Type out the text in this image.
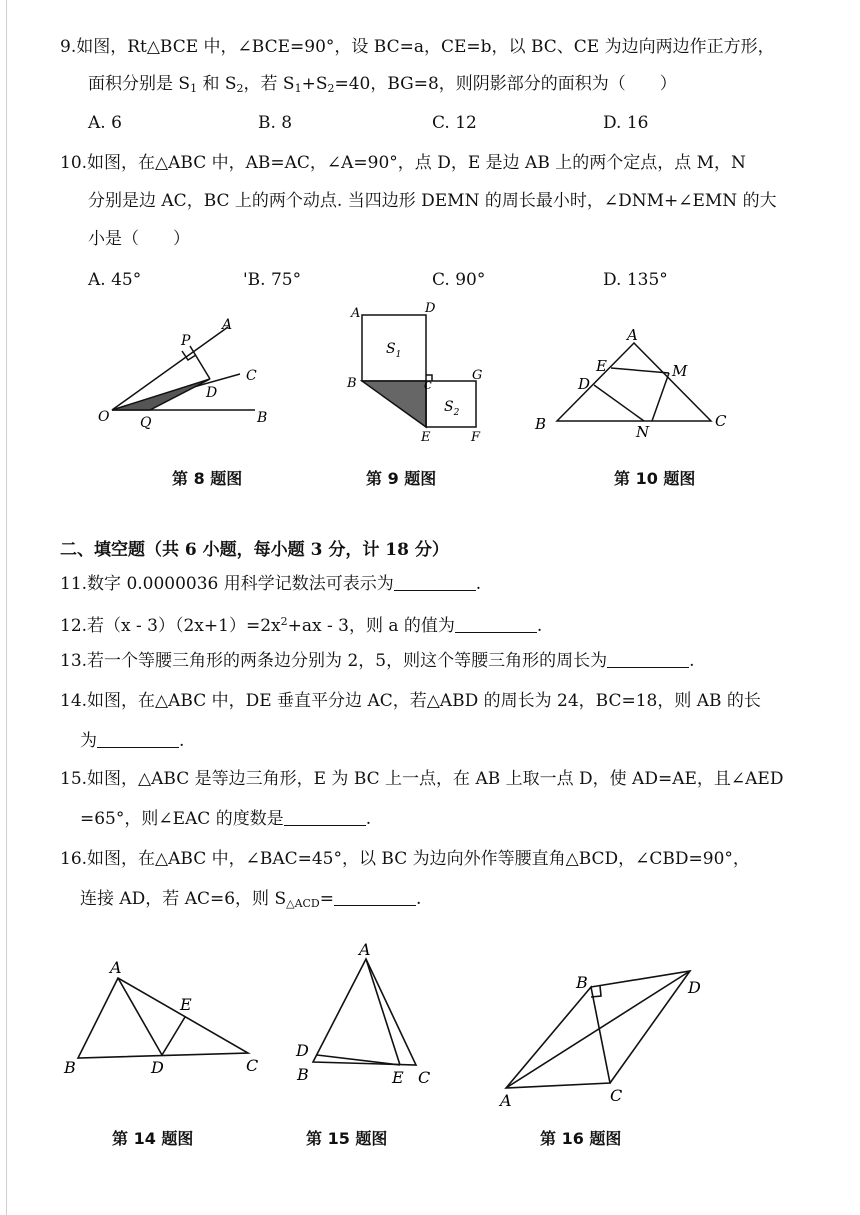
9.如图，Rt△BCE 中，∠BCE=90°，设 BC=a，CE=b，以 BC、CE 为边向两边作正方形，
面积分别是 $S_1$ 和 $S_2$，若 $S_1+S_2=40$，BG=8，则阴影部分的面积为（　　）
A. 6	B. 8	C. 12	D. 16
10.如图，在△ABC 中，AB=AC，∠A=90°，点 D，E 是边 AB 上的两个定点，点 M，N
分别是边 AC，BC 上的两个动点. 当四边形 DEMN 的周长最小时，∠DNM+∠EMN 的大
小是（　　）
A. 45°	'B. 75°	C. 90°	D. 135°
A
P
C
D
O Q	B
A	D
$S_1$
B	C
G
$S_2$
E	F
A
E	M
D
B	N
C
第 8 题图	第 9 题图	第 10 题图
二、填空题（共 6 小题，每小题 3 分，计 18 分）
11.数字 0.0000036 用科学记数法可表示为	.
12.若$(x - 3)(2x+1)=2x^2+ax - 3$，则 a 的值为	.
13.若一个等腰三角形的两条边分别为 2，5，则这个等腰三角形的周长为	.
14.如图，在△ABC 中，DE 垂直平分边 AC，若△ABD 的周长为 24，BC=18，则 AB 的长
为	.
15.如图，△ABC 是等边三角形，E 为 BC 上一点，在 AB 上取一点 D，使 AD=AE，且∠AED
=65°，则∠EAC 的度数是	.
16.如图，在△ABC 中，∠BAC=45°，以 BC 为边向外作等腰直角△BCD，∠CBD=90°，
连接 AD，若 AC=6，则 $S_{\triangle ACD}=$	.
A
E
B	D	C
A
D
B	E C
B	D
A	C
第 14 题图	第 15 题图	第 16 题图
